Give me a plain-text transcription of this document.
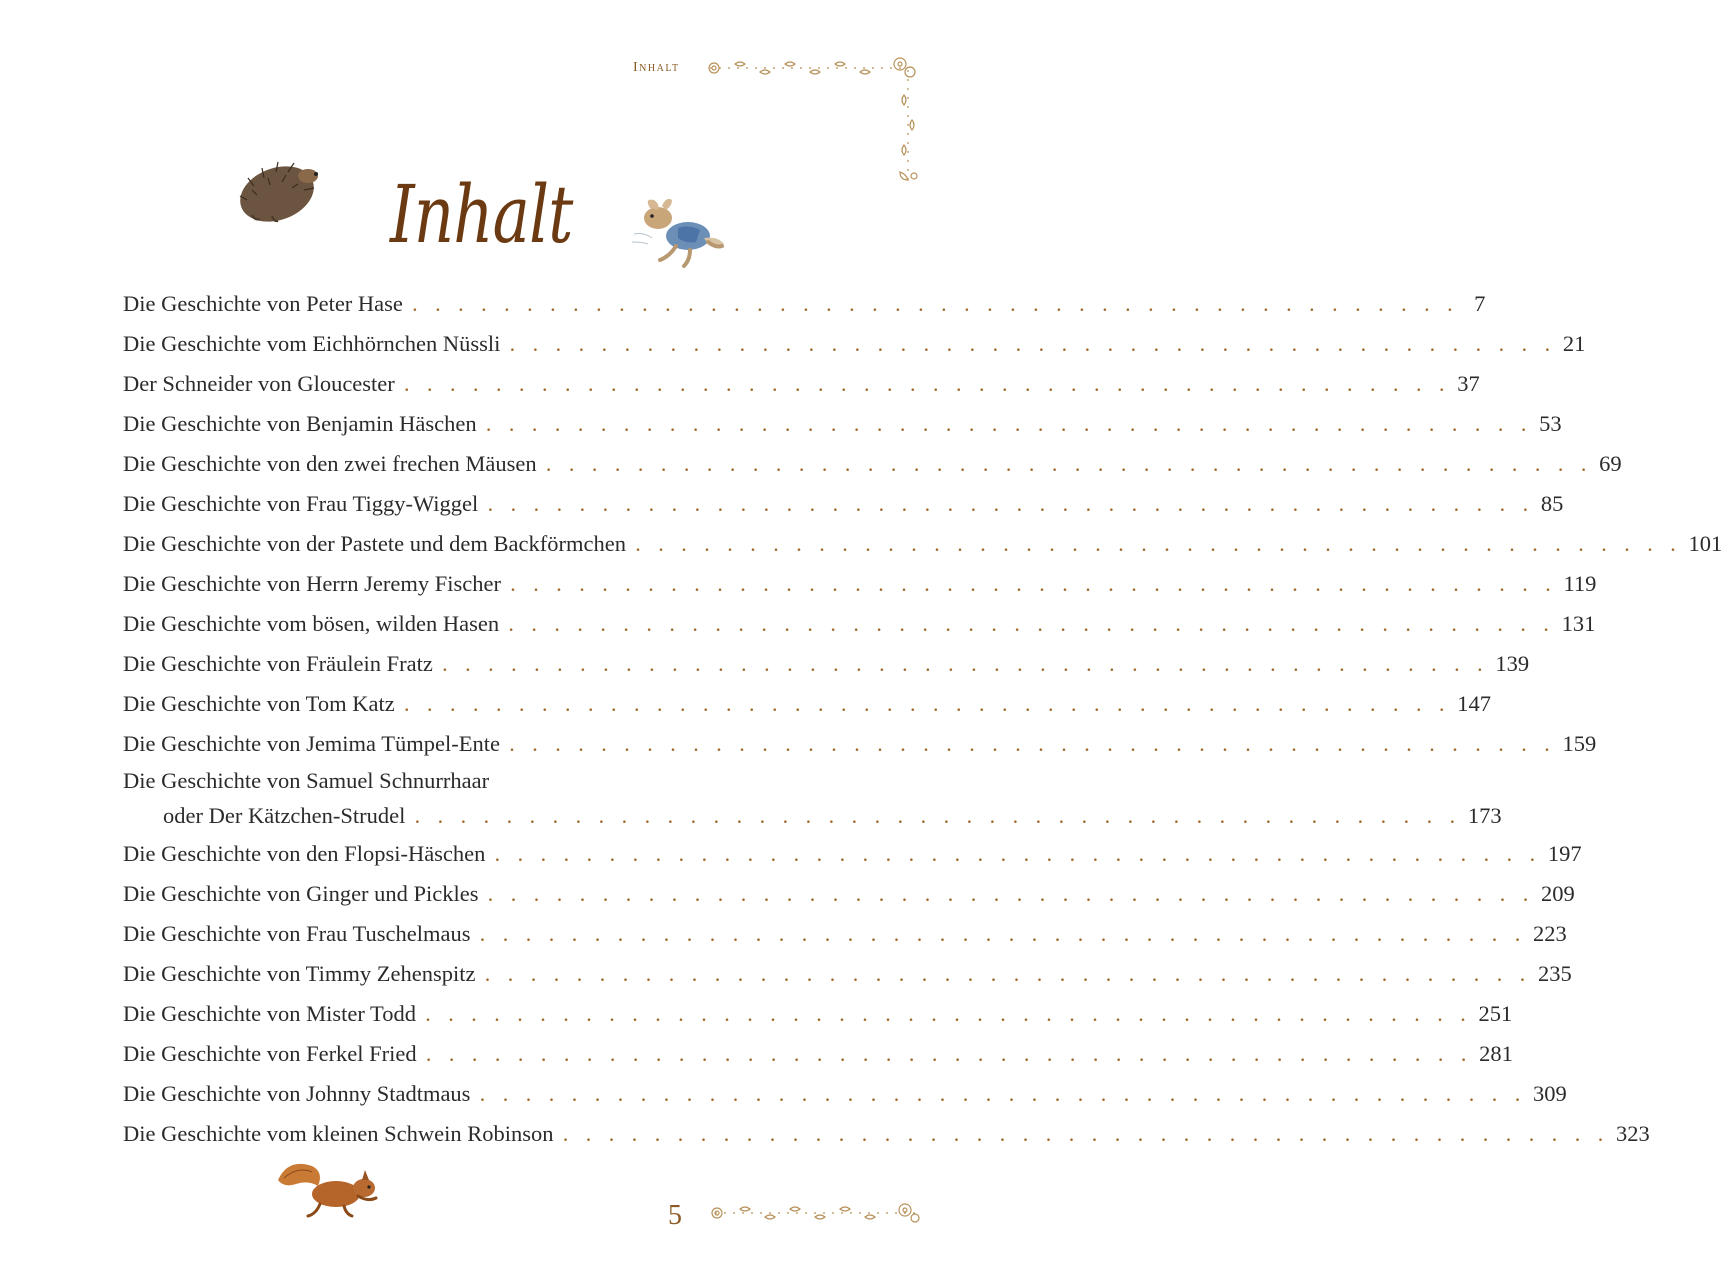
Inhalt
Inhalt
Die Geschichte von Peter Hase . . . . . . . . . . . . . . . . . . . . . . . . . . . . . . . . . . . . . . . . . . . . . . 7
Die Geschichte vom Eichhörnchen Nüssli . . . . . . . . . . . . . . . . . . . . . . . . . . . . . . . . . . . . . . . . . . . . . . 21
Der Schneider von Gloucester . . . . . . . . . . . . . . . . . . . . . . . . . . . . . . . . . . . . . . . . . . . . . . 37
Die Geschichte von Benjamin Häschen . . . . . . . . . . . . . . . . . . . . . . . . . . . . . . . . . . . . . . . . . . . . . . 53
Die Geschichte von den zwei frechen Mäusen . . . . . . . . . . . . . . . . . . . . . . . . . . . . . . . . . . . . . . . . . . . . . . 69
Die Geschichte von Frau Tiggy-Wiggel . . . . . . . . . . . . . . . . . . . . . . . . . . . . . . . . . . . . . . . . . . . . . . 85
Die Geschichte von der Pastete und dem Backförmchen . . . . . . . . . . . . . . . . . . . . . . . . . . . . . . . . . . . . . . . . . . . . . . 101
Die Geschichte von Herrn Jeremy Fischer . . . . . . . . . . . . . . . . . . . . . . . . . . . . . . . . . . . . . . . . . . . . . . 119
Die Geschichte vom bösen, wilden Hasen . . . . . . . . . . . . . . . . . . . . . . . . . . . . . . . . . . . . . . . . . . . . . . 131
Die Geschichte von Fräulein Fratz . . . . . . . . . . . . . . . . . . . . . . . . . . . . . . . . . . . . . . . . . . . . . . 139
Die Geschichte von Tom Katz . . . . . . . . . . . . . . . . . . . . . . . . . . . . . . . . . . . . . . . . . . . . . . 147
Die Geschichte von Jemima Tümpel-Ente . . . . . . . . . . . . . . . . . . . . . . . . . . . . . . . . . . . . . . . . . . . . . . 159
Die Geschichte von Samuel Schnurrhaar
oder Der Kätzchen-Strudel . . . . . . . . . . . . . . . . . . . . . . . . . . . . . . . . . . . . . . . . . . . . . . 173
Die Geschichte von den Flopsi-Häschen . . . . . . . . . . . . . . . . . . . . . . . . . . . . . . . . . . . . . . . . . . . . . . 197
Die Geschichte von Ginger und Pickles . . . . . . . . . . . . . . . . . . . . . . . . . . . . . . . . . . . . . . . . . . . . . . 209
Die Geschichte von Frau Tuschelmaus . . . . . . . . . . . . . . . . . . . . . . . . . . . . . . . . . . . . . . . . . . . . . . 223
Die Geschichte von Timmy Zehenspitz . . . . . . . . . . . . . . . . . . . . . . . . . . . . . . . . . . . . . . . . . . . . . . 235
Die Geschichte von Mister Todd . . . . . . . . . . . . . . . . . . . . . . . . . . . . . . . . . . . . . . . . . . . . . . 251
Die Geschichte von Ferkel Fried . . . . . . . . . . . . . . . . . . . . . . . . . . . . . . . . . . . . . . . . . . . . . . 281
Die Geschichte von Johnny Stadtmaus . . . . . . . . . . . . . . . . . . . . . . . . . . . . . . . . . . . . . . . . . . . . . . 309
Die Geschichte vom kleinen Schwein Robinson . . . . . . . . . . . . . . . . . . . . . . . . . . . . . . . . . . . . . . . . . . . . . . 323
5
